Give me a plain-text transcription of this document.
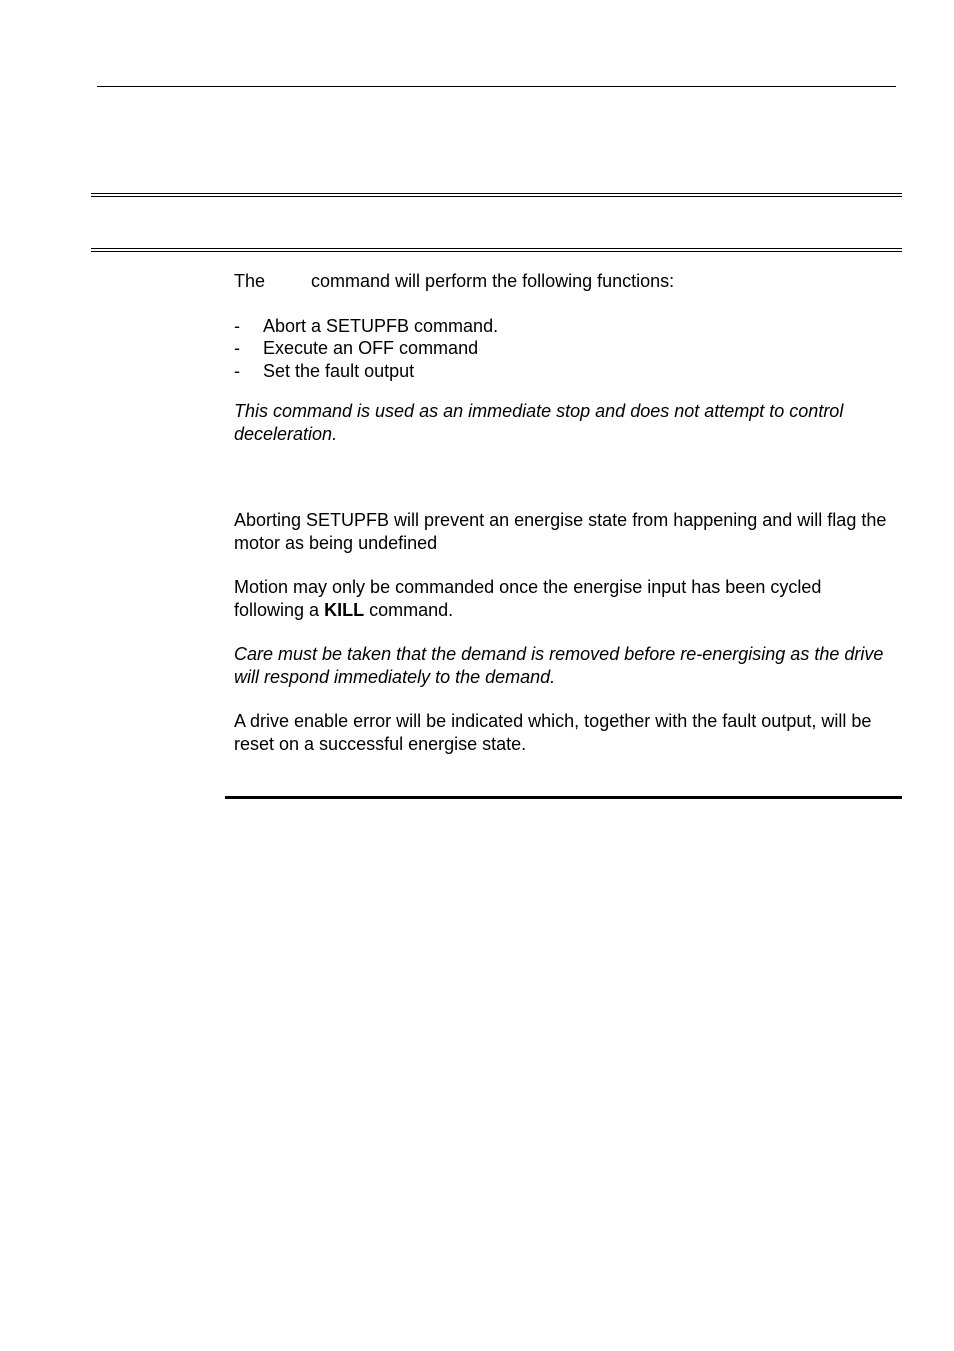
The	command will perform the following functions:

- Abort a SETUPFB command.
- Execute an OFF command
- Set the fault output

This command is used as an immediate stop and does not attempt to control deceleration.

Aborting SETUPFB will prevent an energise state from happening and will flag the motor as being undefined

Motion may only be commanded once the energise input has been cycled following a KILL command.

Care must be taken that the demand is removed before re-energising as the drive will respond immediately to the demand.

A drive enable error will be indicated which, together with the fault output, will be reset on a successful energise state.
